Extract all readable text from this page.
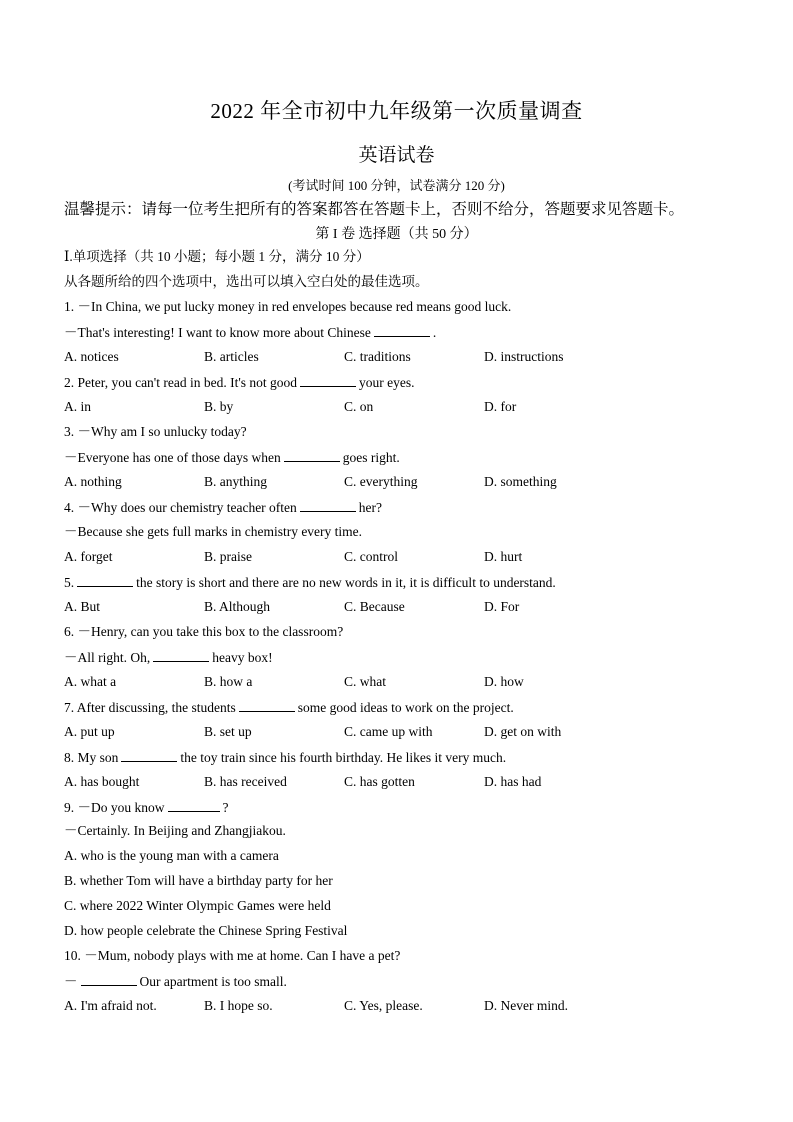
2022 年全市初中九年级第一次质量调查
英语试卷
(考试时间 100 分钟，试卷满分 120 分)
温馨提示：请每一位考生把所有的答案都答在答题卡上，否则不给分，答题要求见答题卡。
第 I 卷 选择题（共 50 分）
Ⅰ.单项选择（共 10 小题；每小题 1 分，满分 10 分）
从各题所给的四个选项中，选出可以填入空白处的最佳选项。
1. －In China, we put lucky money in red envelopes because red means good luck.
－That's interesting! I want to know more about Chinese	.
A. notices	B. articles	C. traditions	D. instructions
2. Peter, you can't read in bed. It's not good	your eyes.
A. in	B. by	C. on	D. for
3. －Why am I so unlucky today?
－Everyone has one of those days when	goes right.
A. nothing	B. anything	C. everything	D. something
4. －Why does our chemistry teacher often	her?
－Because she gets full marks in chemistry every time.
A. forget	B. praise	C. control	D. hurt
5.	the story is short and there are no new words in it, it is difficult to understand.
A. But	B. Although	C. Because	D. For
6. －Henry, can you take this box to the classroom?
－All right. Oh,	heavy box!
A. what a	B. how a	C. what	D. how
7. After discussing, the students	some good ideas to work on the project.
A. put up	B. set up	C. came up with	D. get on with
8. My son	the toy train since his fourth birthday. He likes it very much.
A. has bought	B. has received	C. has gotten	D. has had
9. －Do you know	?
－Certainly. In Beijing and Zhangjiakou.
A. who is the young man with a camera
B. whether Tom will have a birthday party for her
C. where 2022 Winter Olympic Games were held
D. how people celebrate the Chinese Spring Festival
10. －Mum, nobody plays with me at home. Can I have a pet?
－	Our apartment is too small.
A. I'm afraid not.	B. I hope so.	C. Yes, please.	D. Never mind.
